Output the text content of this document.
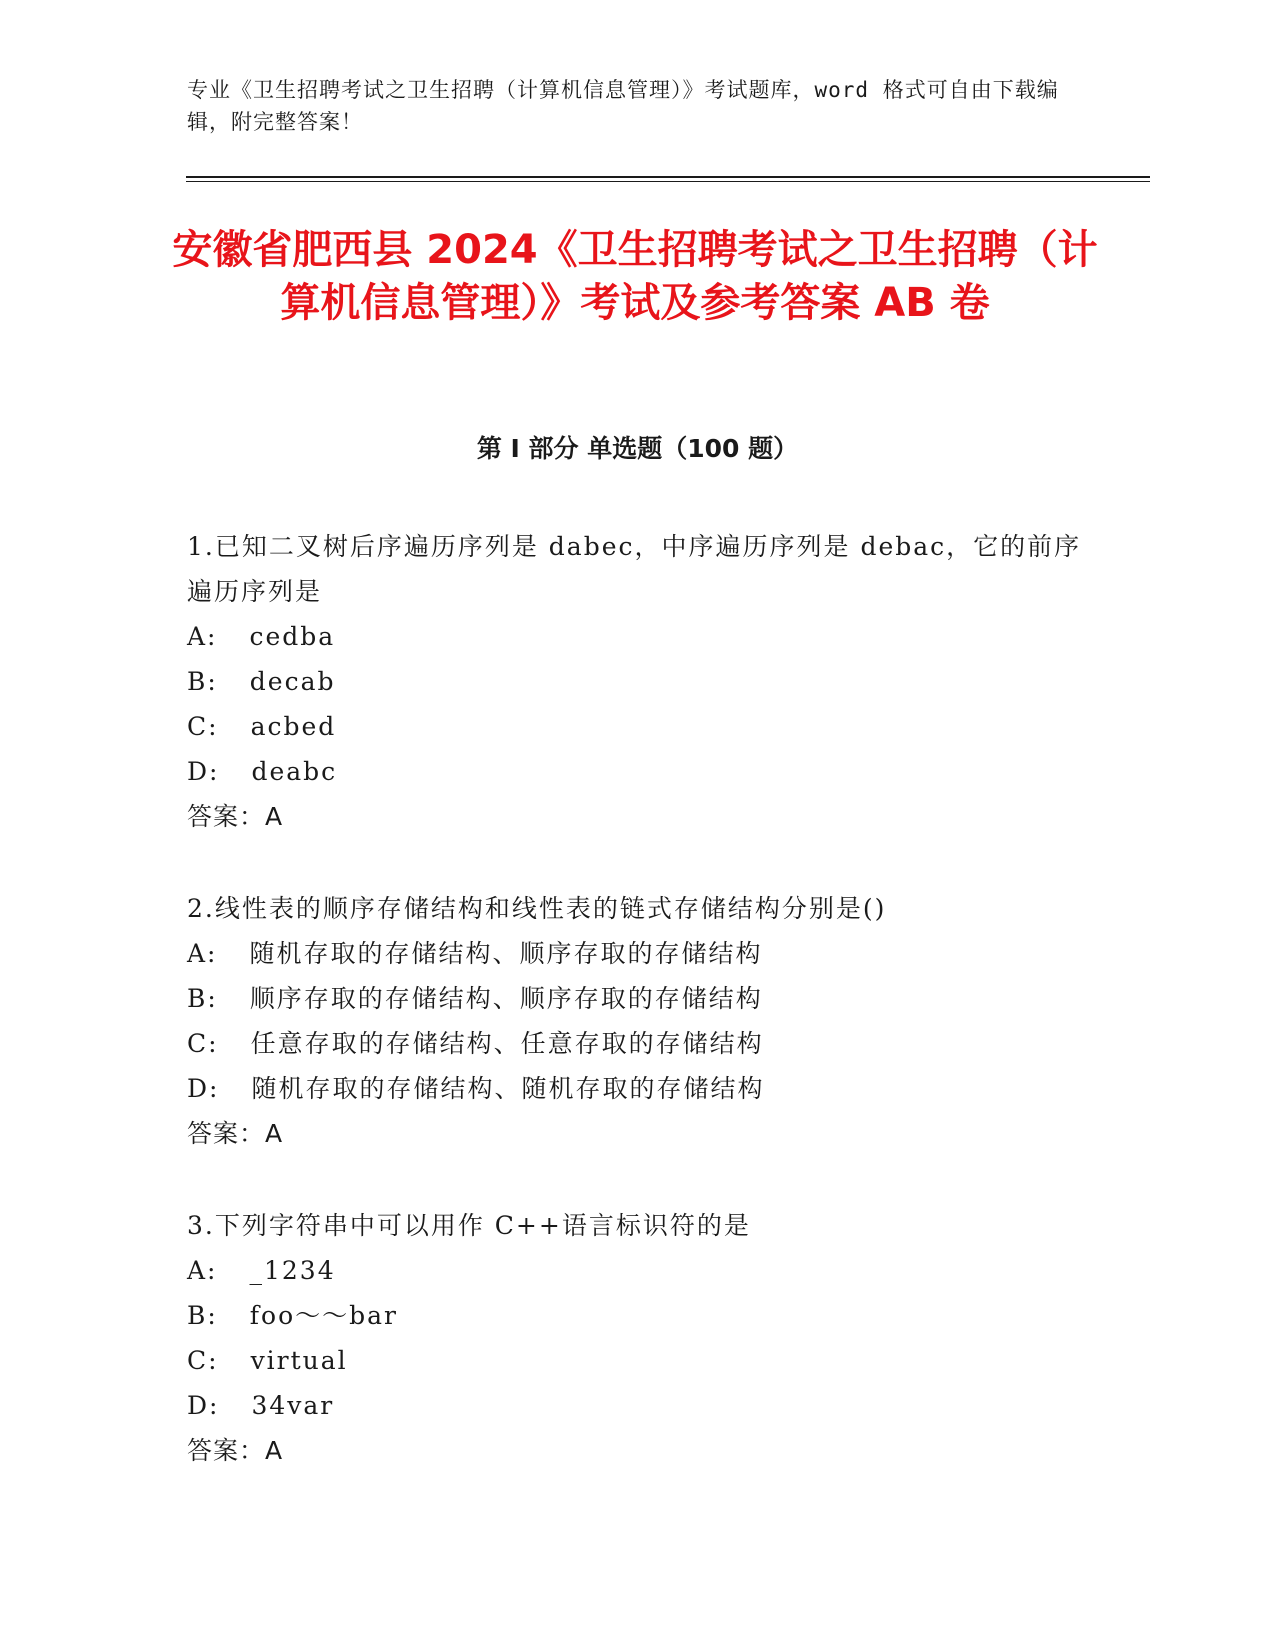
专业《卫生招聘考试之卫生招聘（计算机信息管理）》考试题库，word 格式可自由下载编辑，附完整答案！
安徽省肥西县 2024《卫生招聘考试之卫生招聘（计算机信息管理）》考试及参考答案 AB 卷
第 I 部分 单选题（100 题）

1.已知二叉树后序遍历序列是 dabec，中序遍历序列是 debac，它的前序遍历序列是

A: cedba

B: decab

C: acbed

D: deabc

答案：A

2.线性表的顺序存储结构和线性表的链式存储结构分别是()

A: 随机存取的存储结构、顺序存取的存储结构

B: 顺序存取的存储结构、顺序存取的存储结构

C: 任意存取的存储结构、任意存取的存储结构

D: 随机存取的存储结构、随机存取的存储结构

答案：A

3.下列字符串中可以用作 C++语言标识符的是

A: _1234

B: foo～～bar

C: virtual

D: 34var

答案：A
